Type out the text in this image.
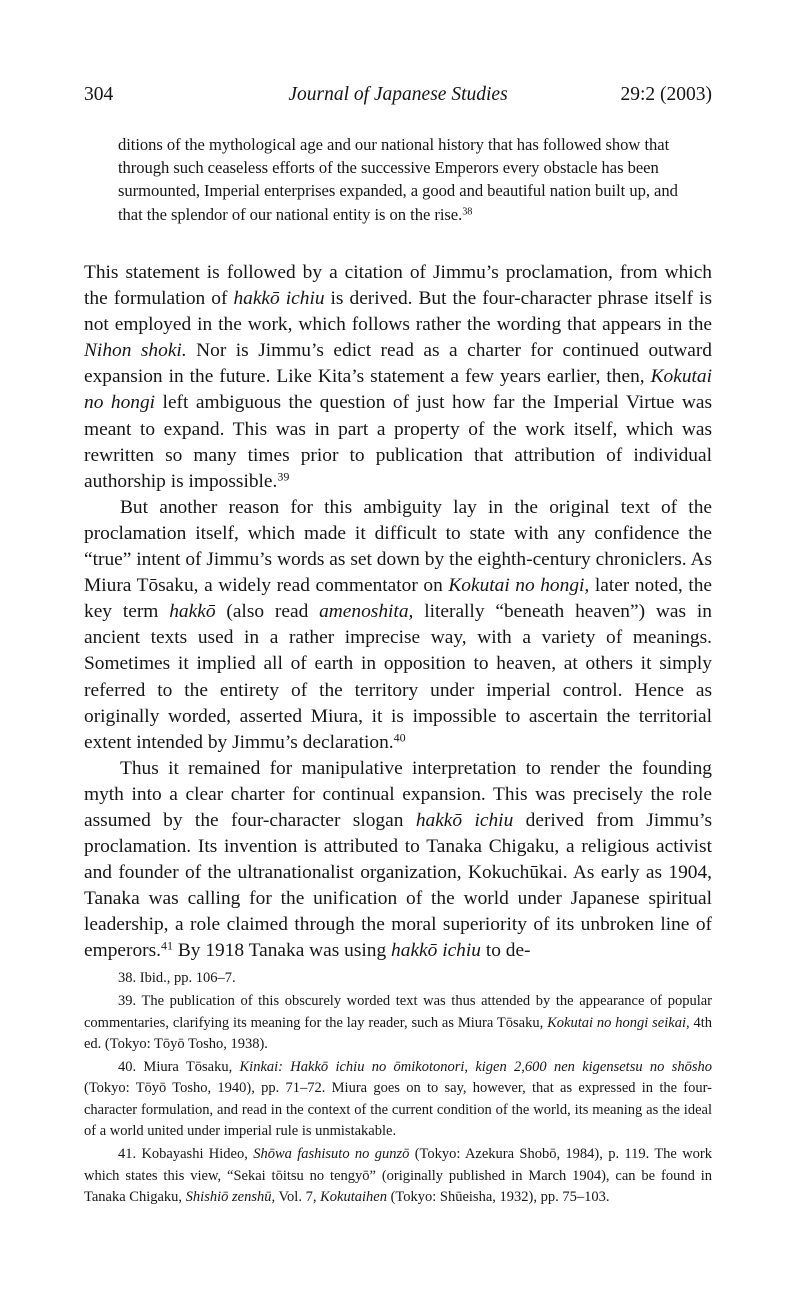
304	Journal of Japanese Studies	29:2 (2003)
ditions of the mythological age and our national history that has followed show that through such ceaseless efforts of the successive Emperors every obstacle has been surmounted, Imperial enterprises expanded, a good and beautiful nation built up, and that the splendor of our national entity is on the rise.$^{38}$

This statement is followed by a citation of Jimmu’s proclamation, from which the formulation of hakkō ichiu is derived. But the four-character phrase itself is not employed in the work, which follows rather the wording that appears in the Nihon shoki. Nor is Jimmu’s edict read as a charter for continued outward expansion in the future. Like Kita’s statement a few years earlier, then, Kokutai no hongi left ambiguous the question of just how far the Imperial Virtue was meant to expand. This was in part a property of the work itself, which was rewritten so many times prior to publication that attribution of individual authorship is impossible.$^{39}$

But another reason for this ambiguity lay in the original text of the proclamation itself, which made it difficult to state with any confidence the “true” intent of Jimmu’s words as set down by the eighth-century chroniclers. As Miura Tōsaku, a widely read commentator on Kokutai no hongi, later noted, the key term hakkō (also read amenoshita, literally “beneath heaven”) was in ancient texts used in a rather imprecise way, with a variety of meanings. Sometimes it implied all of earth in opposition to heaven, at others it simply referred to the entirety of the territory under imperial control. Hence as originally worded, asserted Miura, it is impossible to ascertain the territorial extent intended by Jimmu’s declaration.$^{40}$

Thus it remained for manipulative interpretation to render the founding myth into a clear charter for continual expansion. This was precisely the role assumed by the four-character slogan hakkō ichiu derived from Jimmu’s proclamation. Its invention is attributed to Tanaka Chigaku, a religious activist and founder of the ultranationalist organization, Kokuchūkai. As early as 1904, Tanaka was calling for the unification of the world under Japanese spiritual leadership, a role claimed through the moral superiority of its unbroken line of emperors.$^{41}$ By 1918 Tanaka was using hakkō ichiu to de-

38. Ibid., pp. 106–7.

39. The publication of this obscurely worded text was thus attended by the appearance of popular commentaries, clarifying its meaning for the lay reader, such as Miura Tōsaku, Kokutai no hongi seikai, 4th ed. (Tokyo: Tōyō Tosho, 1938).

40. Miura Tōsaku, Kinkai: Hakkō ichiu no ōmikotonori, kigen 2,600 nen kigensetsu no shōsho (Tokyo: Tōyō Tosho, 1940), pp. 71–72. Miura goes on to say, however, that as expressed in the four-character formulation, and read in the context of the current condition of the world, its meaning as the ideal of a world united under imperial rule is unmistakable.

41. Kobayashi Hideo, Shōwa fashisuto no gunzō (Tokyo: Azekura Shobō, 1984), p. 119. The work which states this view, “Sekai tōitsu no tengyō” (originally published in March 1904), can be found in Tanaka Chigaku, Shishiō zenshū, Vol. 7, Kokutaihen (Tokyo: Shūeisha, 1932), pp. 75–103.
